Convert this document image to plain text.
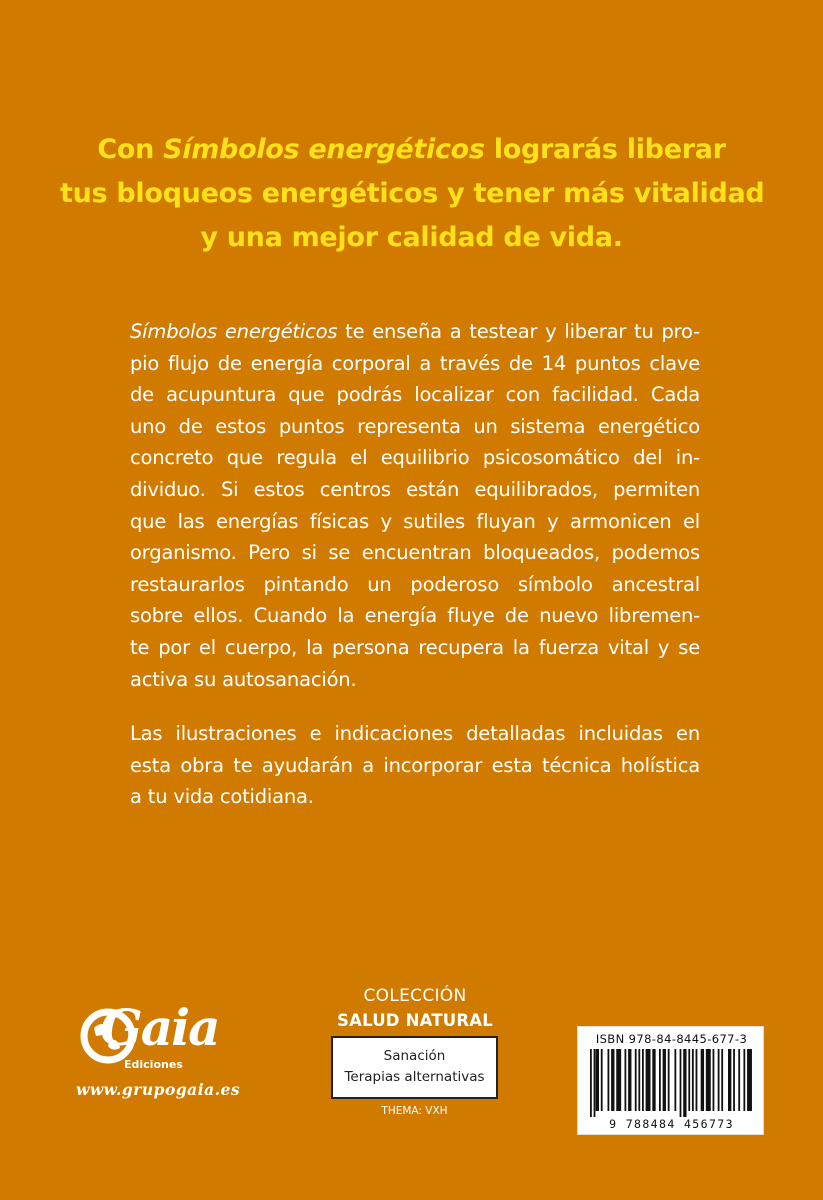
Con Símbolos energéticos lograrás liberar
tus bloqueos energéticos y tener más vitalidad
y una mejor calidad de vida.
Símbolos energéticos te enseña a testear y liberar tu pro-
pio flujo de energía corporal a través de 14 puntos clave
de acupuntura que podrás localizar con facilidad. Cada
uno de estos puntos representa un sistema energético
concreto que regula el equilibrio psicosomático del in-
dividuo. Si estos centros están equilibrados, permiten
que las energías físicas y sutiles fluyan y armonicen el
organismo. Pero si se encuentran bloqueados, podemos
restaurarlos pintando un poderoso símbolo ancestral
sobre ellos. Cuando la energía fluye de nuevo libremen-
te por el cuerpo, la persona recupera la fuerza vital y se
activa su autosanación.
Las ilustraciones e indicaciones detalladas incluidas en
esta obra te ayudarán a incorporar esta técnica holística
a tu vida cotidiana.
Gaia
Ediciones
www.grupogaia.es
COLECCIÓN
SALUD NATURAL
Sanación
Terapias alternativas
THEMA: VXH
ISBN 978-84-8445-677-3
9 788484 456773
